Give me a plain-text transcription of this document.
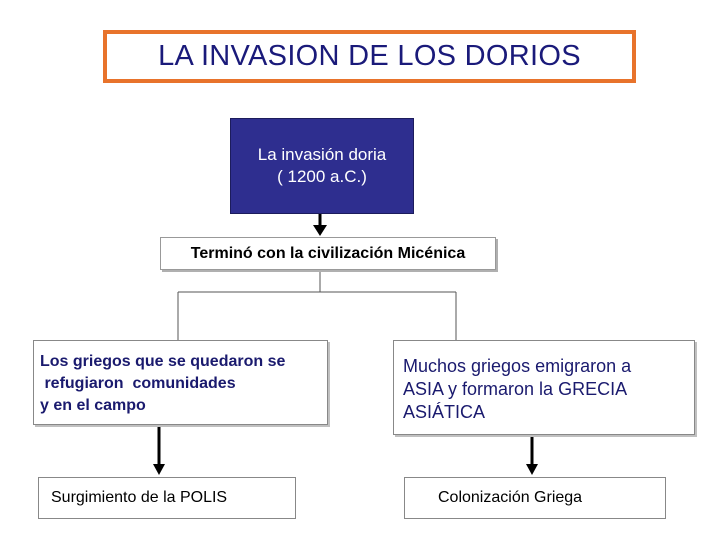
LA INVASION DE LOS DORIOS
La invasión doria
( 1200 a.C.)
Terminó con la civilización Micénica
Los griegos que se quedaron se
refugiaron  comunidades
y en el campo
Muchos griegos emigraron a
ASIA y formaron la GRECIA
ASIÁTICA
Surgimiento de la POLIS	Colonización Griega
